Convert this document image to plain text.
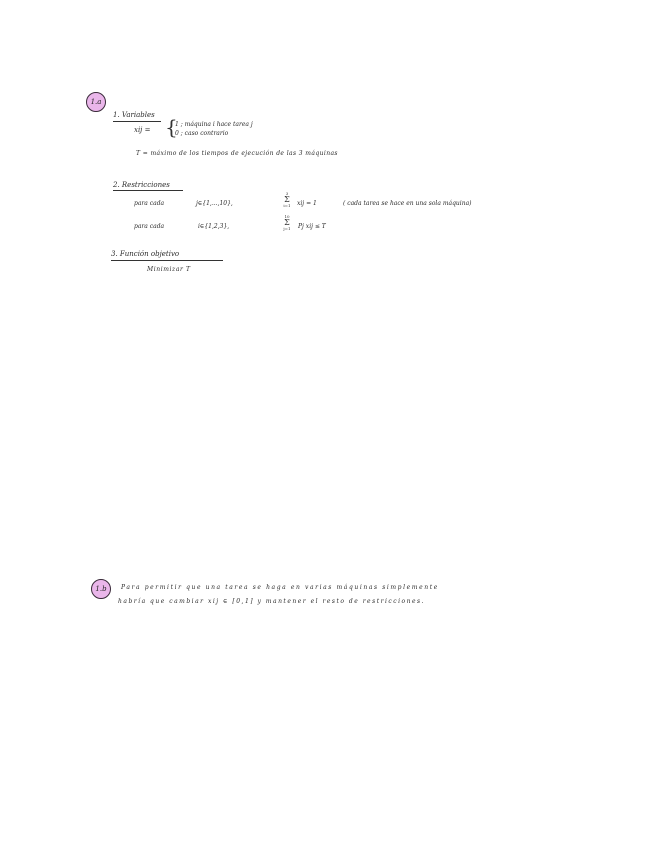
1.a
1. Variables
xij = {
1 ; máquina i hace tarea j
0 ; caso contrario
T = máximo de los tiempos de ejecución de las 3 máquinas
2. Restricciones
para cada	j∈{1,...,10},
3
Σ
i=1	xij = 1	( cada tarea se hace en una sola máquina)
para cada	i∈{1,2,3},
10
Σ
j=1	Pj xij ≤ T
3. Función objetivo
Minimizar T
1.b Para permitir que una tarea se haga en varias máquinas simplemente
habría que cambiar xij ∈ [0,1] y mantener el resto de restricciones.
